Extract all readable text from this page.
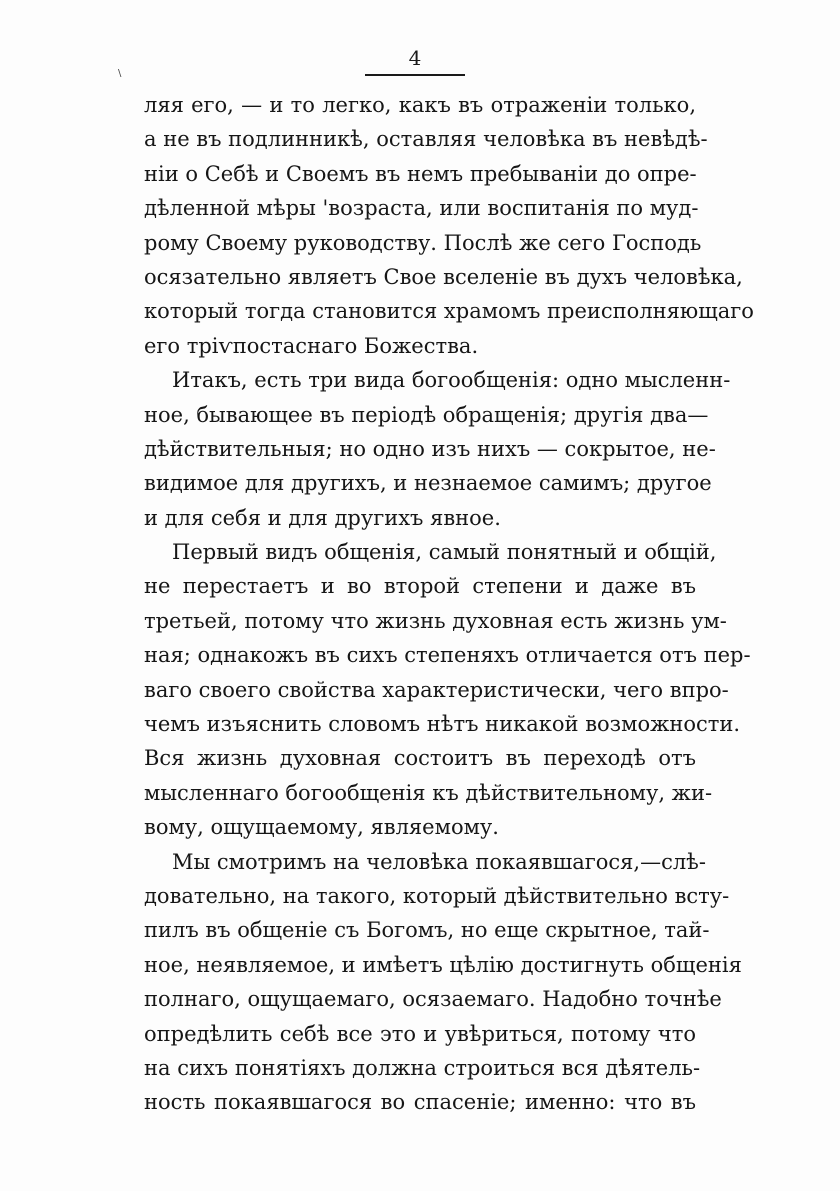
4
\
ляя его, — и то легко, какъ въ отраженіи только,
а не въ подлинникѣ, оставляя человѣка въ невѣдѣ-
ніи о Себѣ и Своемъ въ немъ пребываніи до опре-
дѣленной мѣры 'возраста, или воспитанія по муд-
рому Своему руководству. Послѣ же сего Господь
осязательно являетъ Свое вселеніе въ духъ человѣка,
который тогда становится храмомъ преисполняющаго
его тріѵпостаснаго Божества.
Итакъ, есть три вида богообщенія: одно мысленн-
ное, бывающее въ періодѣ обращенія; другія два—
дѣйствительныя; но одно изъ нихъ — сокрытое, не-
видимое для другихъ, и незнаемое самимъ; другое
и для себя и для другихъ явное.
Первый видъ общенія, самый понятный и общій,
не перестаетъ и во второй степени и даже въ
третьей, потому что жизнь духовная есть жизнь ум-
ная; однакожъ въ сихъ степеняхъ отличается отъ пер-
ваго своего свойства характеристически, чего впро-
чемъ изъяснить словомъ нѣтъ никакой возможности.
Вся жизнь духовная состоитъ въ переходѣ отъ
мысленнаго богообщенія къ дѣйствительному, жи-
вому, ощущаемому, являемому.
Мы смотримъ на человѣка покаявшагося,—слѣ-
довательно, на такого, который дѣйствительно всту-
пилъ въ общеніе съ Богомъ, но еще скрытное, тай-
ное, неявляемое, и имѣетъ цѣлію достигнуть общенія
полнаго, ощущаемаго, осязаемаго. Надобно точнѣе
опредѣлить себѣ все это и увѣриться, потому что
на сихъ понятіяхъ должна строиться вся дѣятель-
ность покаявшагося во спасеніе; именно: что въ
